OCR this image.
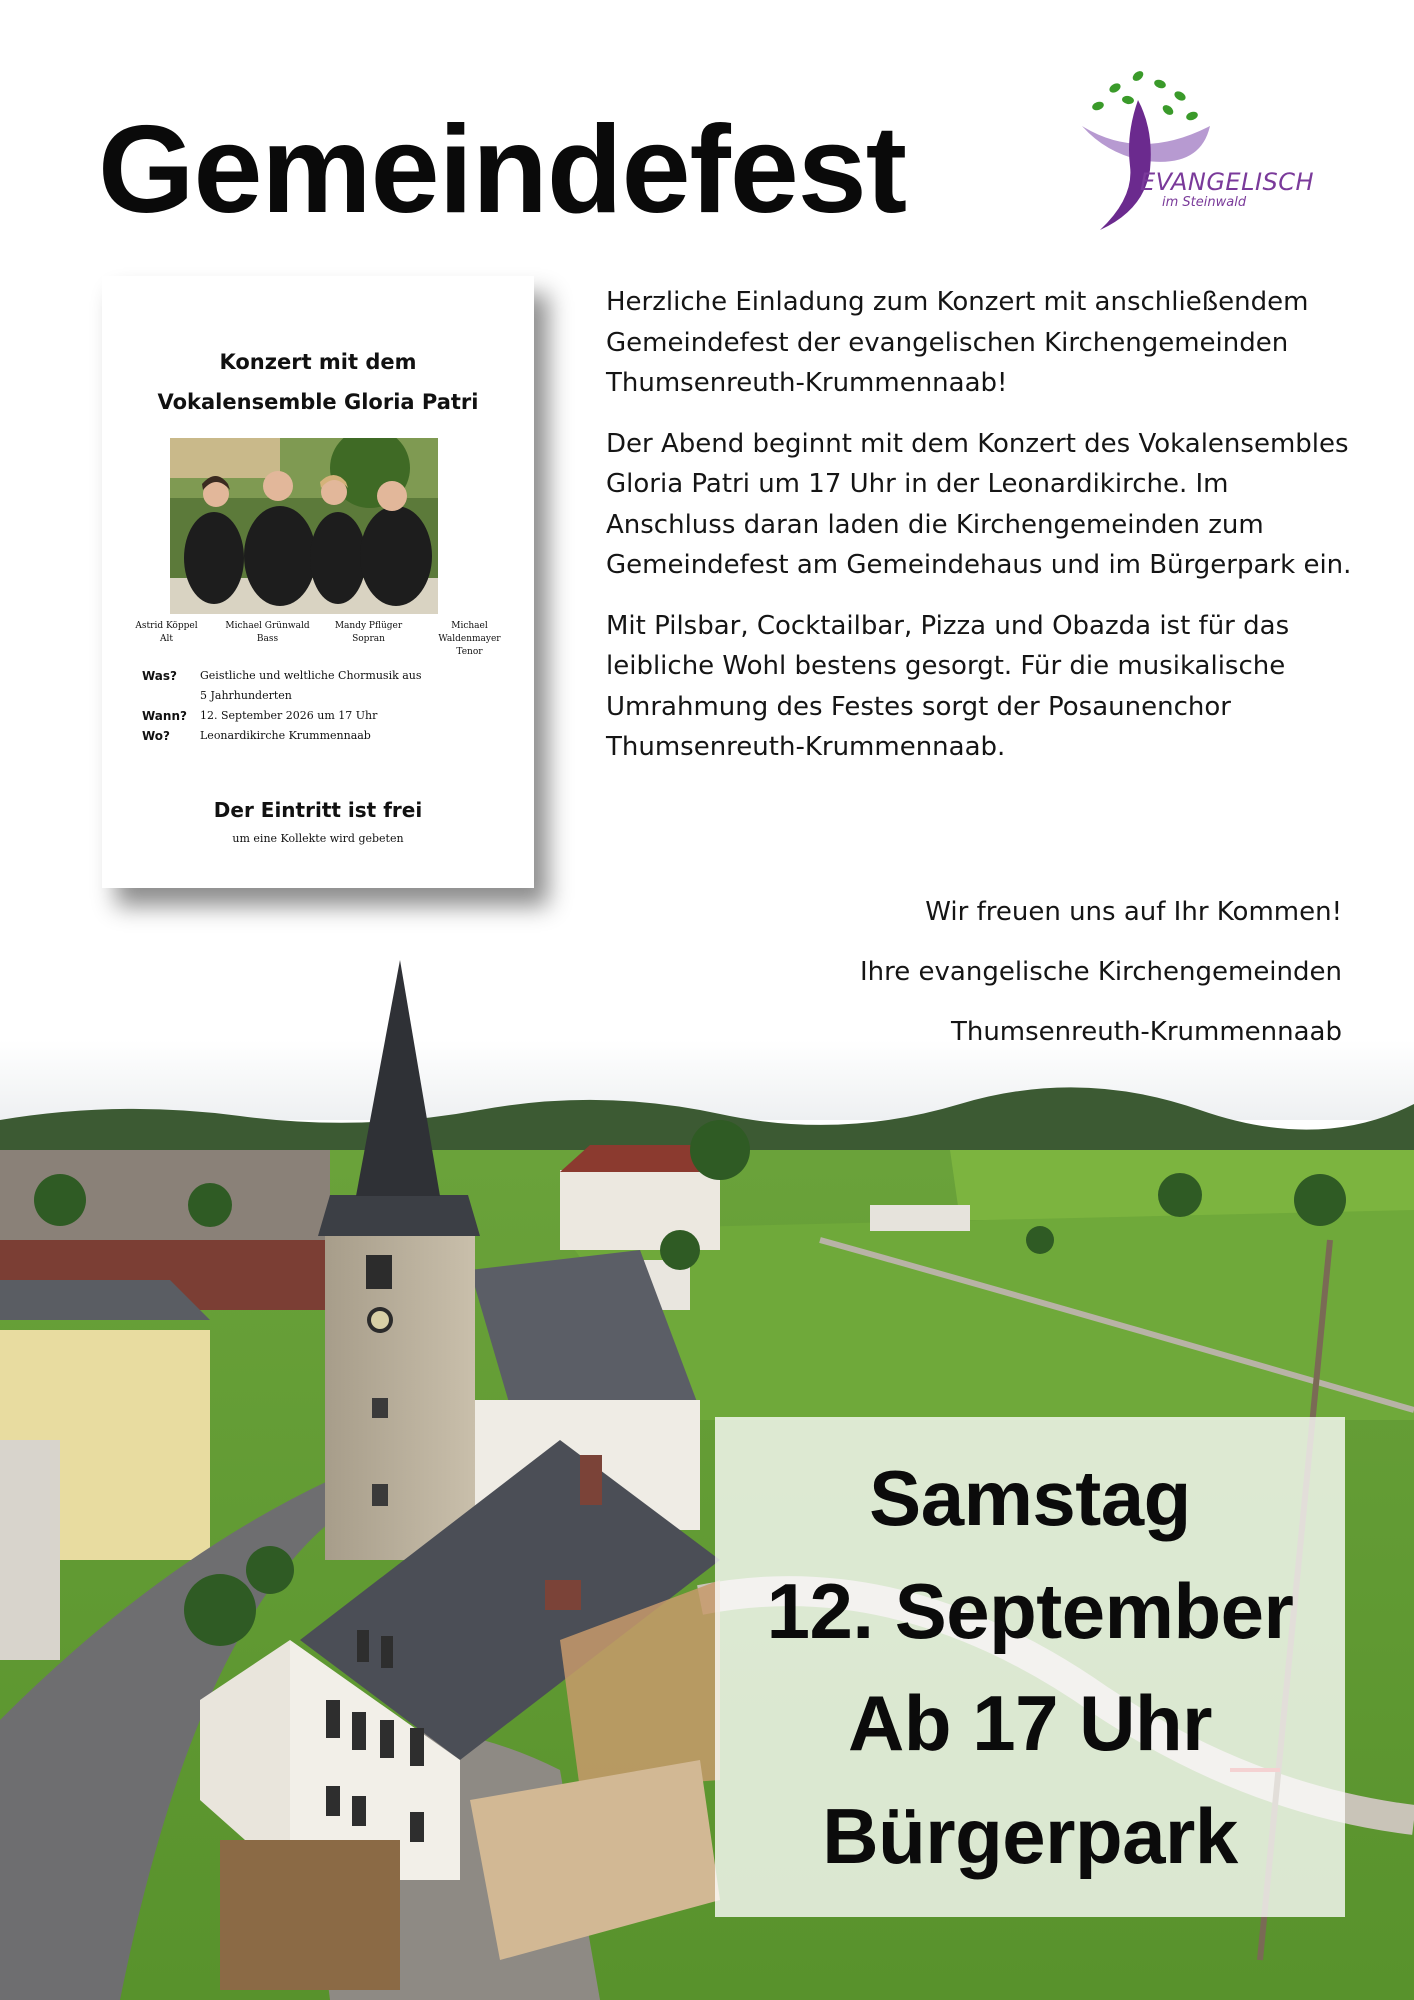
Gemeindefest	EVANGELISCH
im Steinwald
Konzert mit dem
Vokalensemble Gloria Patri
Astrid Köppel
Alt
Michael Grünwald
Bass
Mandy Pflüger
Sopran
Michael Waldenmayer
Tenor
Was?	Geistliche und weltliche Chormusik aus 5 Jahrhunderten
Wann?	12. September 2026 um 17 Uhr
Wo?	Leonardikirche Krummennaab
Der Eintritt ist frei
um eine Kollekte wird gebeten

Herzliche Einladung zum Konzert mit anschließendem Gemeindefest der evangelischen Kirchengemeinden Thumsenreuth-Krummennaab!

Der Abend beginnt mit dem Konzert des Vokalensembles Gloria Patri um 17 Uhr in der Leonardikirche. Im Anschluss daran laden die Kirchengemeinden zum Gemeindefest am Gemeindehaus und im Bürgerpark ein.

Mit Pilsbar, Cocktailbar, Pizza und Obazda ist für das leibliche Wohl bestens gesorgt. Für die musikalische Umrahmung des Festes sorgt der Posaunenchor Thumsenreuth-Krummennaab.

Wir freuen uns auf Ihr Kommen!
Ihre evangelische Kirchengemeinden
Thumsenreuth-Krummennaab
Samstag
12. September
Ab 17 Uhr
Bürgerpark
